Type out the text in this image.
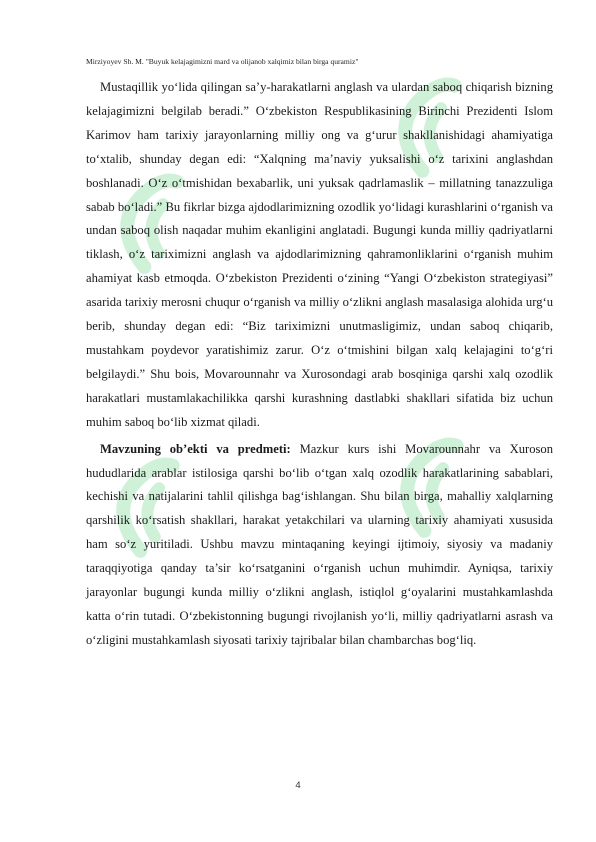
Mirziyoyev Sh. M. "Buyuk kelajagimizni mard va olijanob xalqimiz bilan birga quramiz"

Mustaqillik yo‘lida qilingan sa’y-harakatlarni anglash va ulardan saboq chiqarish bizning kelajagimizni belgilab beradi.” O‘zbekiston Respublikasining Birinchi Prezidenti Islom Karimov ham tarixiy jarayonlarning milliy ong va g‘urur shakllanishidagi ahamiyatiga to‘xtalib, shunday degan edi: “Xalqning ma’naviy yuksalishi o‘z tarixini anglashdan boshlanadi. O‘z o‘tmishidan bexabarlik, uni yuksak qadrlamaslik – millatning tanazzuliga sabab bo‘ladi.” Bu fikrlar bizga ajdodlarimizning ozodlik yo‘lidagi kurashlarini o‘rganish va undan saboq olish naqadar muhim ekanligini anglatadi. Bugungi kunda milliy qadriyatlarni tiklash, o‘z tariximizni anglash va ajdodlarimizning qahramonliklarini o‘rganish muhim ahamiyat kasb etmoqda. O‘zbekiston Prezidenti o‘zining “Yangi O‘zbekiston strategiyasi” asarida tarixiy merosni chuqur o‘rganish va milliy o‘zlikni anglash masalasiga alohida urg‘u berib, shunday degan edi: “Biz tariximizni unutmasligimiz, undan saboq chiqarib, mustahkam poydevor yaratishimiz zarur. O‘z o‘tmishini bilgan xalq kelajagini to‘g‘ri belgilaydi.” Shu bois, Movarounnahr va Xurosondagi arab bosqiniga qarshi xalq ozodlik harakatlari mustamlakachilikka qarshi kurashning dastlabki shakllari sifatida biz uchun muhim saboq bo‘lib xizmat qiladi.

Mavzuning ob’ekti va predmeti: Mazkur kurs ishi Movarounnahr va Xuroson hududlarida arablar istilosiga qarshi bo‘lib o‘tgan xalq ozodlik harakatlarining sabablari, kechishi va natijalarini tahlil qilishga bag‘ishlangan. Shu bilan birga, mahalliy xalqlarning qarshilik ko‘rsatish shakllari, harakat yetakchilari va ularning tarixiy ahamiyati xususida ham so‘z yuritiladi. Ushbu mavzu mintaqaning keyingi ijtimoiy, siyosiy va madaniy taraqqiyotiga qanday ta’sir ko‘rsatganini o‘rganish uchun muhimdir. Ayniqsa, tarixiy jarayonlar bugungi kunda milliy o‘zlikni anglash, istiqlol g‘oyalarini mustahkamlashda katta o‘rin tutadi. O‘zbekistonning bugungi rivojlanish yo‘li, milliy qadriyatlarni asrash va o‘zligini mustahkamlash siyosati tarixiy tajribalar bilan chambarchas bog‘liq.

4
